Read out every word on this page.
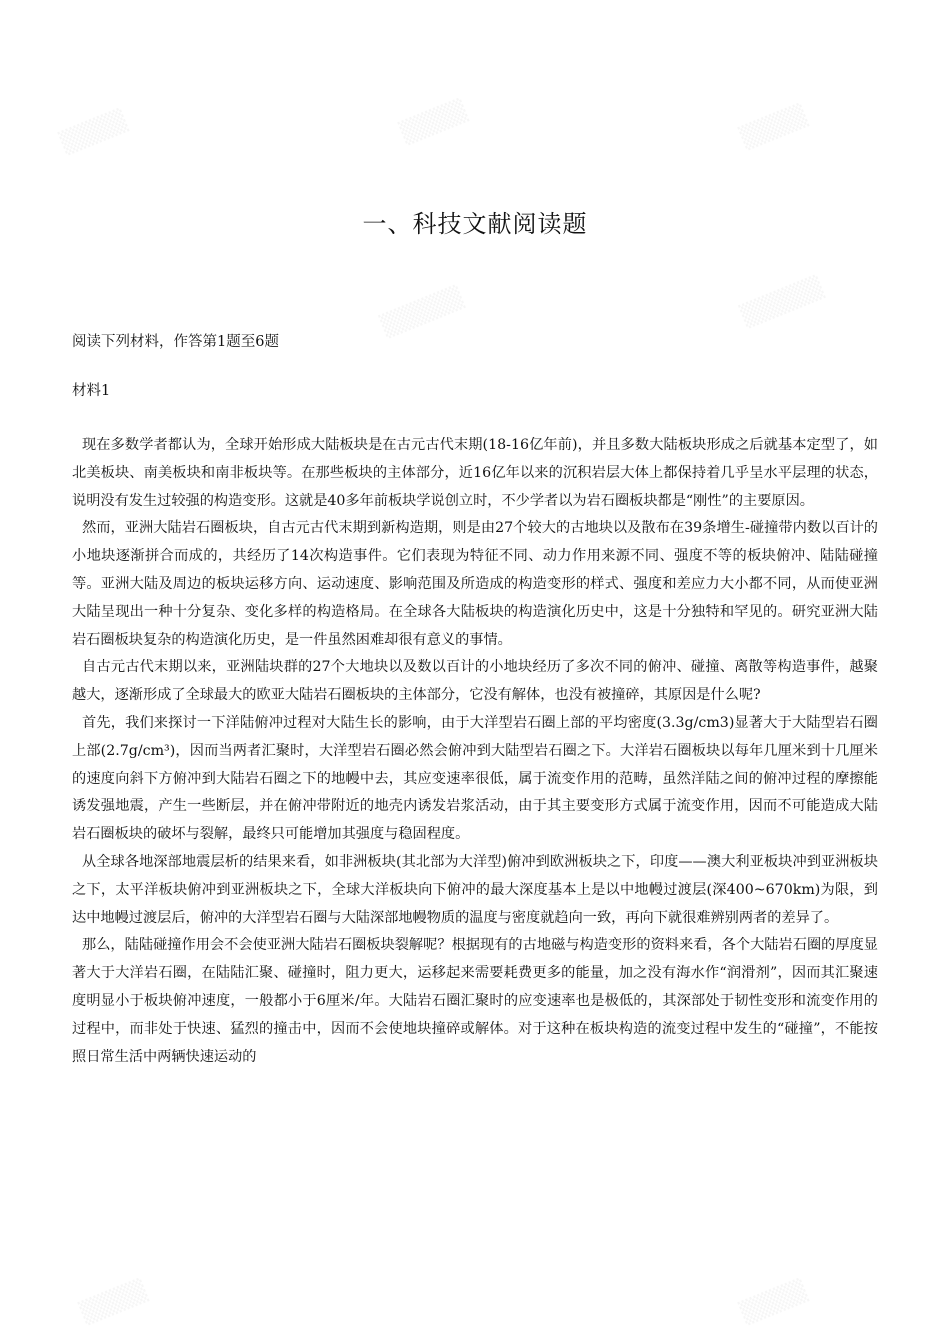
一、科技文献阅读题
阅读下列材料，作答第1题至6题
材料1

现在多数学者都认为，全球开始形成大陆板块是在古元古代末期(18-16亿年前)，并且多数大陆板块形成之后就基本定型了，如北美板块、南美板块和南非板块等。在那些板块的主体部分，近16亿年以来的沉积岩层大体上都保持着几乎呈水平层理的状态，说明没有发生过较强的构造变形。这就是40多年前板块学说创立时，不少学者以为岩石圈板块都是“刚性”的主要原因。

然而，亚洲大陆岩石圈板块，自古元古代末期到新构造期，则是由27个较大的古地块以及散布在39条增生-碰撞带内数以百计的小地块逐渐拼合而成的，共经历了14次构造事件。它们表现为特征不同、动力作用来源不同、强度不等的板块俯冲、陆陆碰撞等。亚洲大陆及周边的板块运移方向、运动速度、影响范围及所造成的构造变形的样式、强度和差应力大小都不同，从而使亚洲大陆呈现出一种十分复杂、变化多样的构造格局。在全球各大陆板块的构造演化历史中，这是十分独特和罕见的。研究亚洲大陆岩石圈板块复杂的构造演化历史，是一件虽然困难却很有意义的事情。

自古元古代末期以来，亚洲陆块群的27个大地块以及数以百计的小地块经历了多次不同的俯冲、碰撞、离散等构造事件，越聚越大，逐渐形成了全球最大的欧亚大陆岩石圈板块的主体部分，它没有解体，也没有被撞碎，其原因是什么呢?

首先，我们来探讨一下洋陆俯冲过程对大陆生长的影响，由于大洋型岩石圈上部的平均密度(3.3g/cm3)显著大于大陆型岩石圈上部(2.7g/cm³)，因而当两者汇聚时，大洋型岩石圈必然会俯冲到大陆型岩石圈之下。大洋岩石圈板块以每年几厘米到十几厘米的速度向斜下方俯冲到大陆岩石圈之下的地幔中去，其应变速率很低，属于流变作用的范畴，虽然洋陆之间的俯冲过程的摩擦能诱发强地震，产生一些断层，并在俯冲带附近的地壳内诱发岩浆活动，由于其主要变形方式属于流变作用，因而不可能造成大陆岩石圈板块的破坏与裂解，最终只可能增加其强度与稳固程度。

从全球各地深部地震层析的结果来看，如非洲板块(其北部为大洋型)俯冲到欧洲板块之下，印度——澳大利亚板块冲到亚洲板块之下，太平洋板块俯冲到亚洲板块之下，全球大洋板块向下俯冲的最大深度基本上是以中地幔过渡层(深400~670km)为限，到达中地幔过渡层后，俯冲的大洋型岩石圈与大陆深部地幔物质的温度与密度就趋向一致，再向下就很难辨别两者的差异了。

那么，陆陆碰撞作用会不会使亚洲大陆岩石圈板块裂解呢？根据现有的古地磁与构造变形的资料来看，各个大陆岩石圈的厚度显著大于大洋岩石圈，在陆陆汇聚、碰撞时，阻力更大，运移起来需要耗费更多的能量，加之没有海水作“润滑剂”，因而其汇聚速度明显小于板块俯冲速度，一般都小于6厘米/年。大陆岩石圈汇聚时的应变速率也是极低的，其深部处于韧性变形和流变作用的过程中，而非处于快速、猛烈的撞击中，因而不会使地块撞碎或解体。对于这种在板块构造的流变过程中发生的“碰撞”，不能按照日常生活中两辆快速运动的
